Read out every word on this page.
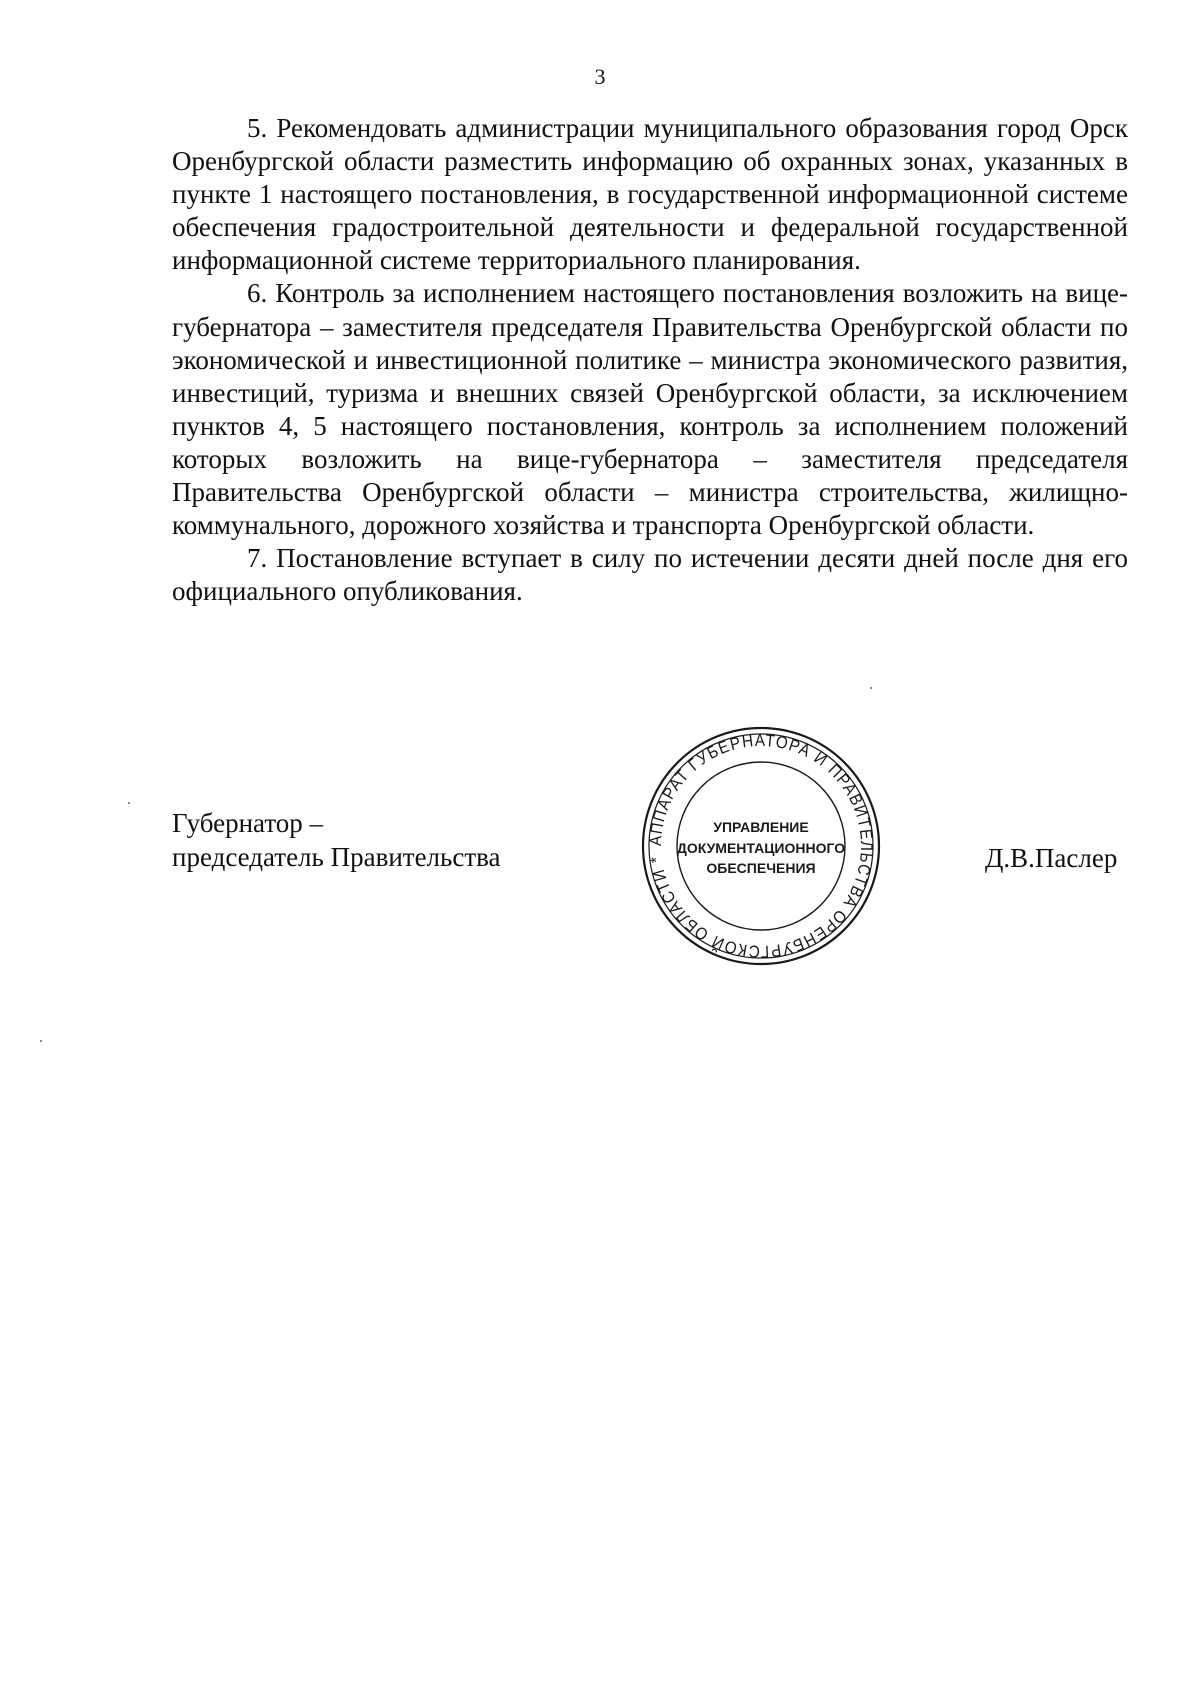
3

5. Рекомендовать администрации муниципального образования город Орск Оренбургской области разместить информацию об охранных зонах, указанных в пункте 1 настоящего постановления, в государственной информационной системе обеспечения градостроительной деятельности и федеральной государственной информационной системе территориального планирования.

6. Контроль за исполнением настоящего постановления возложить на вице-губернатора – заместителя председателя Правительства Оренбургской области по экономической и инвестиционной политике – министра экономического развития, инвестиций, туризма и внешних связей Оренбургской области, за исключением пунктов 4, 5 настоящего постановления, контроль за исполнением положений которых возложить на вице-губернатора – заместителя председателя Правительства Оренбургской области – министра строительства, жилищно-коммунального, дорожного хозяйства и транспорта Оренбургской области.

7. Постановление вступает в силу по истечении десяти дней после дня его официального опубликования.

Губернатор –
председатель Правительства	Д.В.Паслер
АППАРАТ ГУБЕРНАТОРА И ПРАВИТЕЛЬСТВА ОРЕНБУРГСКОЙ ОБЛАСТИ *
УПРАВЛЕНИЕ
ДОКУМЕНТАЦИОННОГО
ОБЕСПЕЧЕНИЯ
